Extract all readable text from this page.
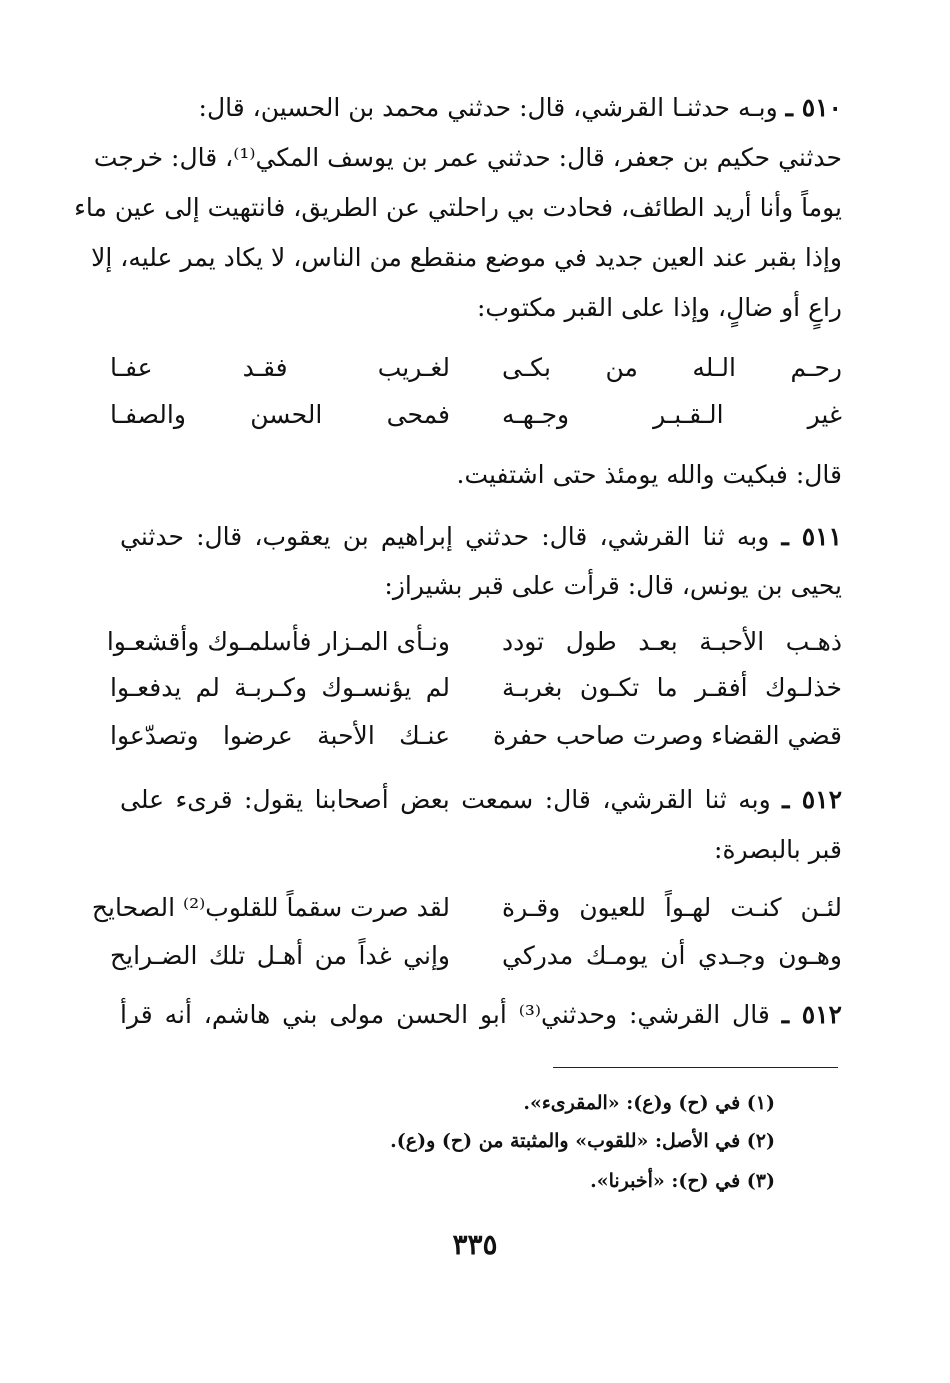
٥١٠ ـ وبـه حدثنـا القرشي، قال: حدثني محمد بن الحسين، قال:
حدثني حكيم بن جعفر، قال: حدثني عمر بن يوسف المكي⁽¹⁾، قال: خرجت
يوماً وأنا أريد الطائف، فحادت بي راحلتي عن الطريق، فانتهيت إلى عين ماء
وإذا بقبر عند العين جديد في موضع منقطع من الناس، لا يكاد يمر عليه، إلا
راعٍ أو ضالٍ، وإذا على القبر مكتوب:
رحـم الـله من بكـى
لغـريب فقـد عفـا
غير الـقـبـر وجـهـه
فمحى الحسن والصفـا
قال: فبكيت والله يومئذ حتى اشتفيت.
٥١١ ـ وبه ثنا القرشي، قال: حدثني إبراهيم بن يعقوب، قال: حدثني
يحيى بن يونس، قال: قرأت على قبر بشيراز:
ذهـب الأحبـة بعـد طول تودد
ونـأى المـزار فأسلمـوك وأقشعـوا
خذلـوك أفقـر ما تكـون بغربـة
لم يؤنسـوك وكـربـة لم يدفعـوا
قضي القضاء وصرت صاحب حفرة
عنـك الأحبة عرضوا وتصدّعوا
٥١٢ ـ وبه ثنا القرشي، قال: سمعت بعض أصحابنا يقول: قرىء على
قبر بالبصرة:
لئـن كنـت لهـواً للعيون وقـرة
لقد صرت سقماً للقلوب⁽²⁾ الصحايح
وهـون وجـدي أن يومـك مدركي
وإني غداً من أهـل تلك الضـرايح
٥١٢ ـ قال القرشي: وحدثني⁽³⁾ أبو الحسن مولى بني هاشم، أنه قرأ
(١) في (ح) و(ع): «المقرىء».
(٢) في الأصل: «للقوب» والمثبتة من (ح) و(ع).
(٣) في (ح): «أخبرنا».
٣٣٥
